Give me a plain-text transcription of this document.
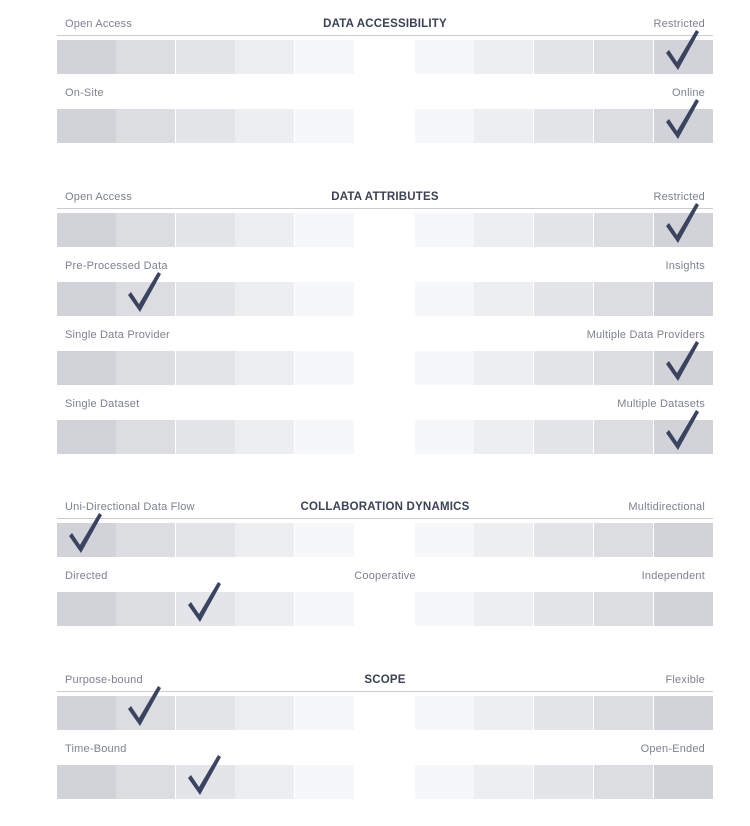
DATA ACCESSIBILITY
Open Access	Restricted
On-Site	Online
DATA ATTRIBUTES
Open Access	Restricted
Pre-Processed Data	Insights
Single Data Provider	Multiple Data Providers
Single Dataset	Multiple Datasets
COLLABORATION DYNAMICS
Uni-Directional Data Flow	Multidirectional
Directed	Cooperative	Independent
SCOPE
Purpose-bound	Flexible
Time-Bound	Open-Ended
